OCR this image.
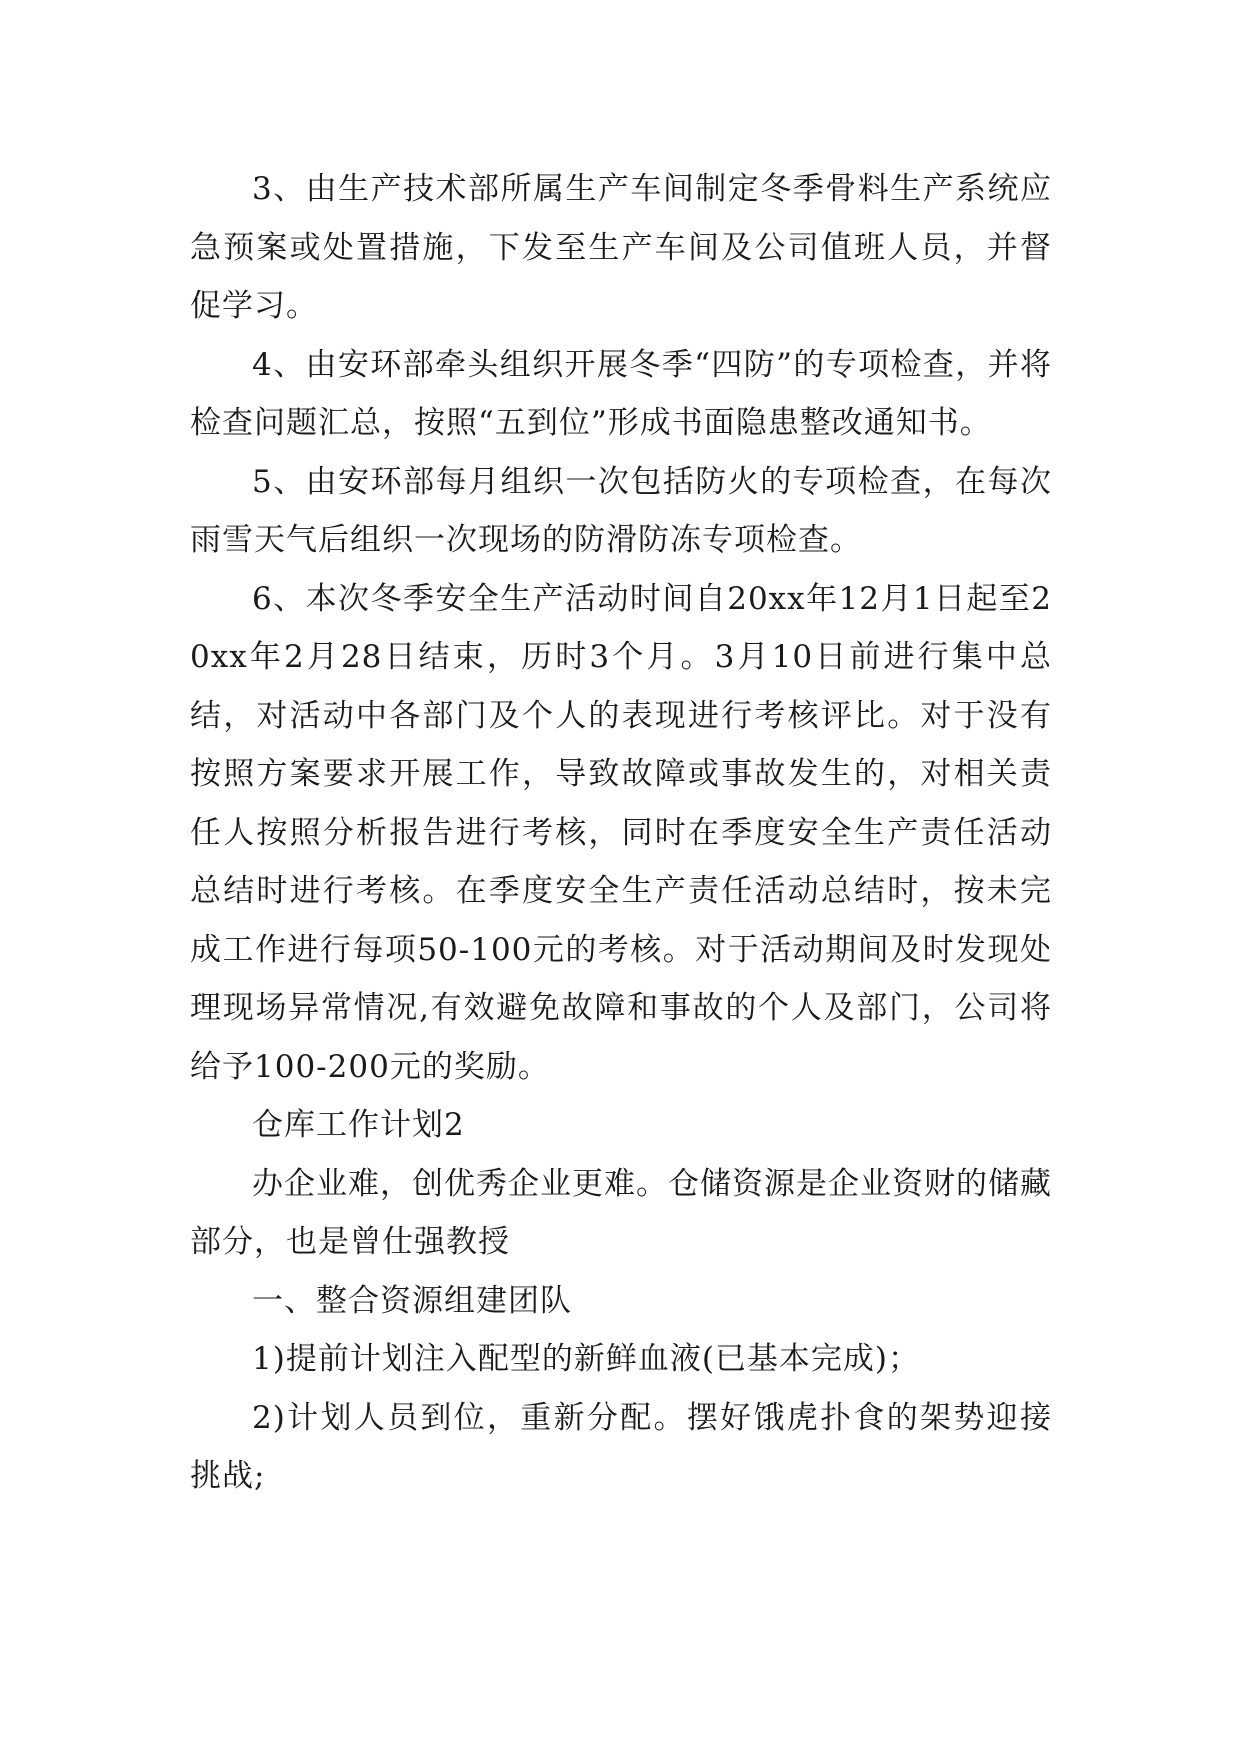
3、由生产技术部所属生产车间制定冬季骨料生产系统应急预案或处置措施，下发至生产车间及公司值班人员，并督促学习。

4、由安环部牵头组织开展冬季“四防”的专项检查，并将检查问题汇总，按照“五到位”形成书面隐患整改通知书。

5、由安环部每月组织一次包括防火的专项检查，在每次雨雪天气后组织一次现场的防滑防冻专项检查。

6、本次冬季安全生产活动时间自20xx年12月1日起至20xx年2月28日结束，历时3个月。3月10日前进行集中总结，对活动中各部门及个人的表现进行考核评比。对于没有按照方案要求开展工作，导致故障或事故发生的，对相关责任人按照分析报告进行考核，同时在季度安全生产责任活动总结时进行考核。在季度安全生产责任活动总结时，按未完成工作进行每项50-100元的考核。对于活动期间及时发现处理现场异常情况,有效避免故障和事故的个人及部门，公司将给予100-200元的奖励。

仓库工作计划2

办企业难，创优秀企业更难。仓储资源是企业资财的储藏部分，也是曾仕强教授

一、整合资源组建团队

1)提前计划注入配型的新鲜血液(已基本完成)；

2)计划人员到位，重新分配。摆好饿虎扑食的架势迎接挑战;
